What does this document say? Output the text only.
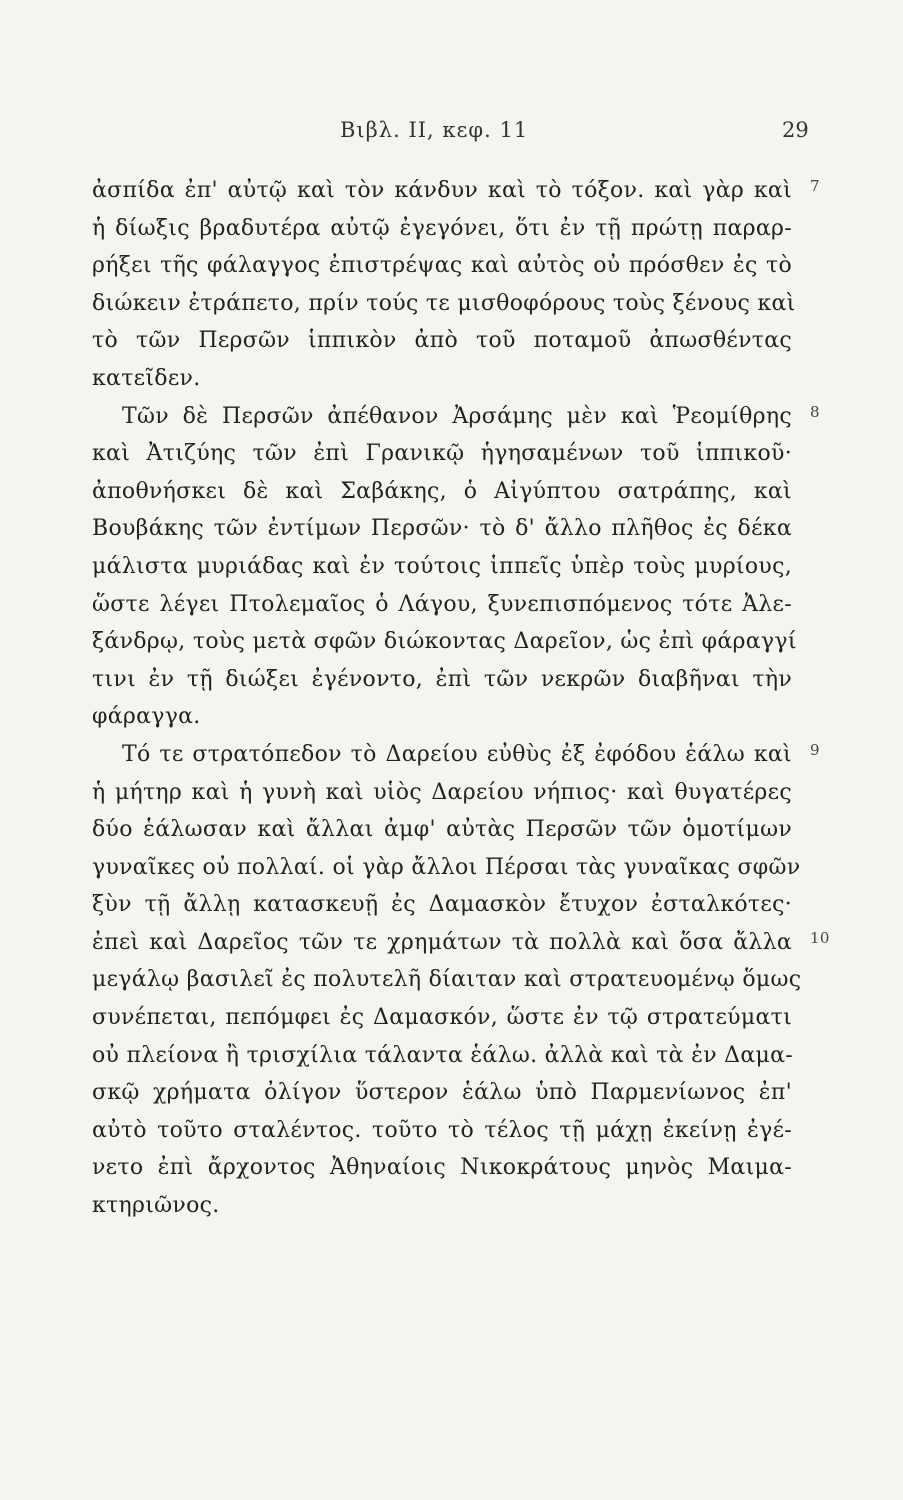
Βιβλ. ΙΙ, κεφ. 11	29
ἀσπίδα ἐπ' αὐτῷ καὶ τὸν κάνδυν καὶ τὸ τόξον. καὶ γὰρ καὶ 7
ἡ δίωξις βραδυτέρα αὐτῷ ἐγεγόνει, ὅτι ἐν τῇ πρώτῃ παραρ-
ρήξει τῆς φάλαγγος ἐπιστρέψας καὶ αὐτὸς οὐ πρόσθεν ἐς τὸ
διώκειν ἐτράπετο, πρίν τούς τε μισθοφόρους τοὺς ξένους καὶ
τὸ τῶν Περσῶν ἱππικὸν ἀπὸ τοῦ ποταμοῦ ἀπωσθέντας
κατεῖδεν.
Τῶν δὲ Περσῶν ἀπέθανον Ἀρσάμης μὲν καὶ Ῥεομίθρης 8
καὶ Ἀτιζύης τῶν ἐπὶ Γρανικῷ ἡγησαμένων τοῦ ἱππικοῦ·
ἀποθνήσκει δὲ καὶ Σαβάκης, ὁ Αἰγύπτου σατράπης, καὶ
Βουβάκης τῶν ἐντίμων Περσῶν· τὸ δ' ἄλλο πλῆθος ἐς δέκα
μάλιστα μυριάδας καὶ ἐν τούτοις ἱππεῖς ὑπὲρ τοὺς μυρίους,
ὥστε λέγει Πτολεμαῖος ὁ Λάγου, ξυνεπισπόμενος τότε Ἀλε-
ξάνδρῳ, τοὺς μετὰ σφῶν διώκοντας Δαρεῖον, ὡς ἐπὶ φάραγγί
τινι ἐν τῇ διώξει ἐγένοντο, ἐπὶ τῶν νεκρῶν διαβῆναι τὴν
φάραγγα.
Τό τε στρατόπεδον τὸ Δαρείου εὐθὺς ἐξ ἐφόδου ἑάλω καὶ 9
ἡ μήτηρ καὶ ἡ γυνὴ καὶ υἱὸς Δαρείου νήπιος· καὶ θυγατέρες
δύο ἑάλωσαν καὶ ἄλλαι ἀμφ' αὐτὰς Περσῶν τῶν ὁμοτίμων
γυναῖκες οὐ πολλαί. οἱ γὰρ ἄλλοι Πέρσαι τὰς γυναῖκας σφῶν
ξὺν τῇ ἄλλῃ κατασκευῇ ἐς Δαμασκὸν ἔτυχον ἐσταλκότες·
ἐπεὶ καὶ Δαρεῖος τῶν τε χρημάτων τὰ πολλὰ καὶ ὅσα ἄλλα 10
μεγάλῳ βασιλεῖ ἐς πολυτελῆ δίαιταν καὶ στρατευομένῳ ὅμως
συνέπεται, πεπόμφει ἐς Δαμασκόν, ὥστε ἐν τῷ στρατεύματι
οὐ πλείονα ἢ τρισχίλια τάλαντα ἑάλω. ἀλλὰ καὶ τὰ ἐν Δαμα-
σκῷ χρήματα ὀλίγον ὕστερον ἑάλω ὑπὸ Παρμενίωνος ἐπ'
αὐτὸ τοῦτο σταλέντος. τοῦτο τὸ τέλος τῇ μάχῃ ἐκείνῃ ἐγέ-
νετο ἐπὶ ἄρχοντος Ἀθηναίοις Νικοκράτους μηνὸς Μαιμα-
κτηριῶνος.
